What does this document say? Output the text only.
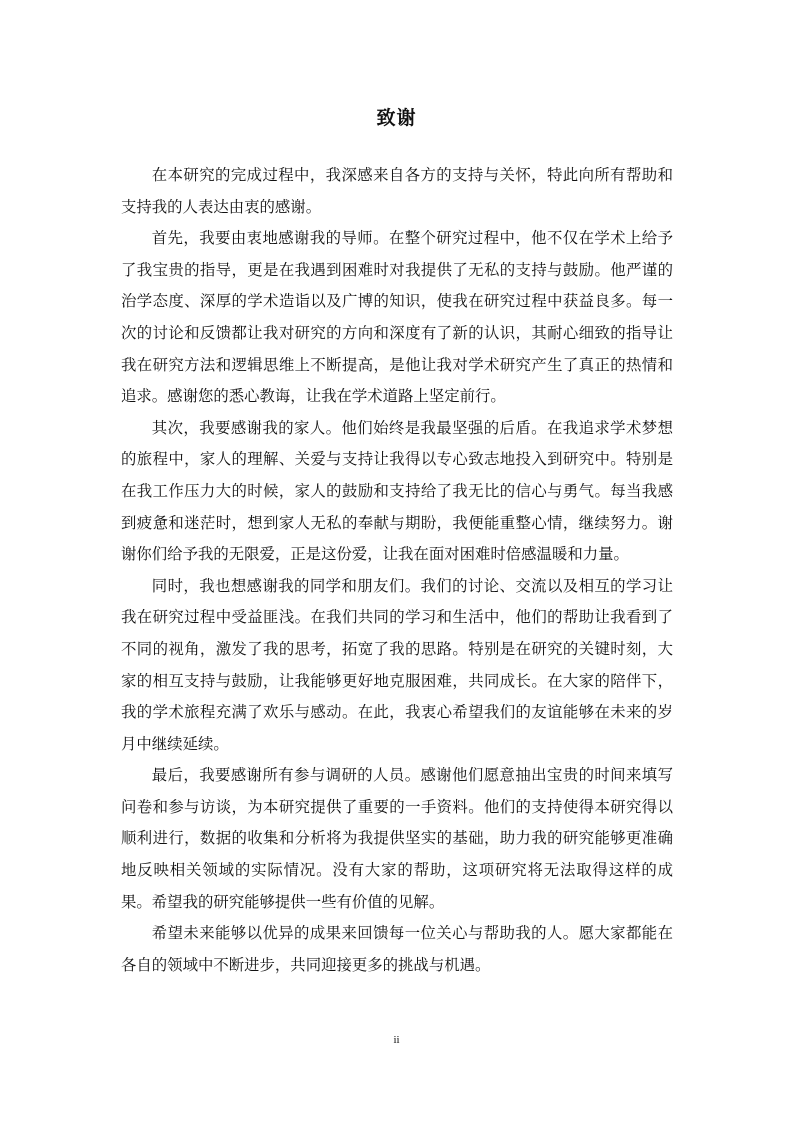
致谢

在本研究的完成过程中，我深感来自各方的支持与关怀，特此向所有帮助和支持我的人表达由衷的感谢。

首先，我要由衷地感谢我的导师。在整个研究过程中，他不仅在学术上给予了我宝贵的指导，更是在我遇到困难时对我提供了无私的支持与鼓励。他严谨的治学态度、深厚的学术造诣以及广博的知识，使我在研究过程中获益良多。每一次的讨论和反馈都让我对研究的方向和深度有了新的认识，其耐心细致的指导让我在研究方法和逻辑思维上不断提高，是他让我对学术研究产生了真正的热情和追求。感谢您的悉心教诲，让我在学术道路上坚定前行。

其次，我要感谢我的家人。他们始终是我最坚强的后盾。在我追求学术梦想的旅程中，家人的理解、关爱与支持让我得以专心致志地投入到研究中。特别是在我工作压力大的时候，家人的鼓励和支持给了我无比的信心与勇气。每当我感到疲惫和迷茫时，想到家人无私的奉献与期盼，我便能重整心情，继续努力。谢谢你们给予我的无限爱，正是这份爱，让我在面对困难时倍感温暖和力量。

同时，我也想感谢我的同学和朋友们。我们的讨论、交流以及相互的学习让我在研究过程中受益匪浅。在我们共同的学习和生活中，他们的帮助让我看到了不同的视角，激发了我的思考，拓宽了我的思路。特别是在研究的关键时刻，大家的相互支持与鼓励，让我能够更好地克服困难，共同成长。在大家的陪伴下，我的学术旅程充满了欢乐与感动。在此，我衷心希望我们的友谊能够在未来的岁月中继续延续。

最后，我要感谢所有参与调研的人员。感谢他们愿意抽出宝贵的时间来填写问卷和参与访谈，为本研究提供了重要的一手资料。他们的支持使得本研究得以顺利进行，数据的收集和分析将为我提供坚实的基础，助力我的研究能够更准确地反映相关领域的实际情况。没有大家的帮助，这项研究将无法取得这样的成果。希望我的研究能够提供一些有价值的见解。

希望未来能够以优异的成果来回馈每一位关心与帮助我的人。愿大家都能在各自的领域中不断进步，共同迎接更多的挑战与机遇。

ii
